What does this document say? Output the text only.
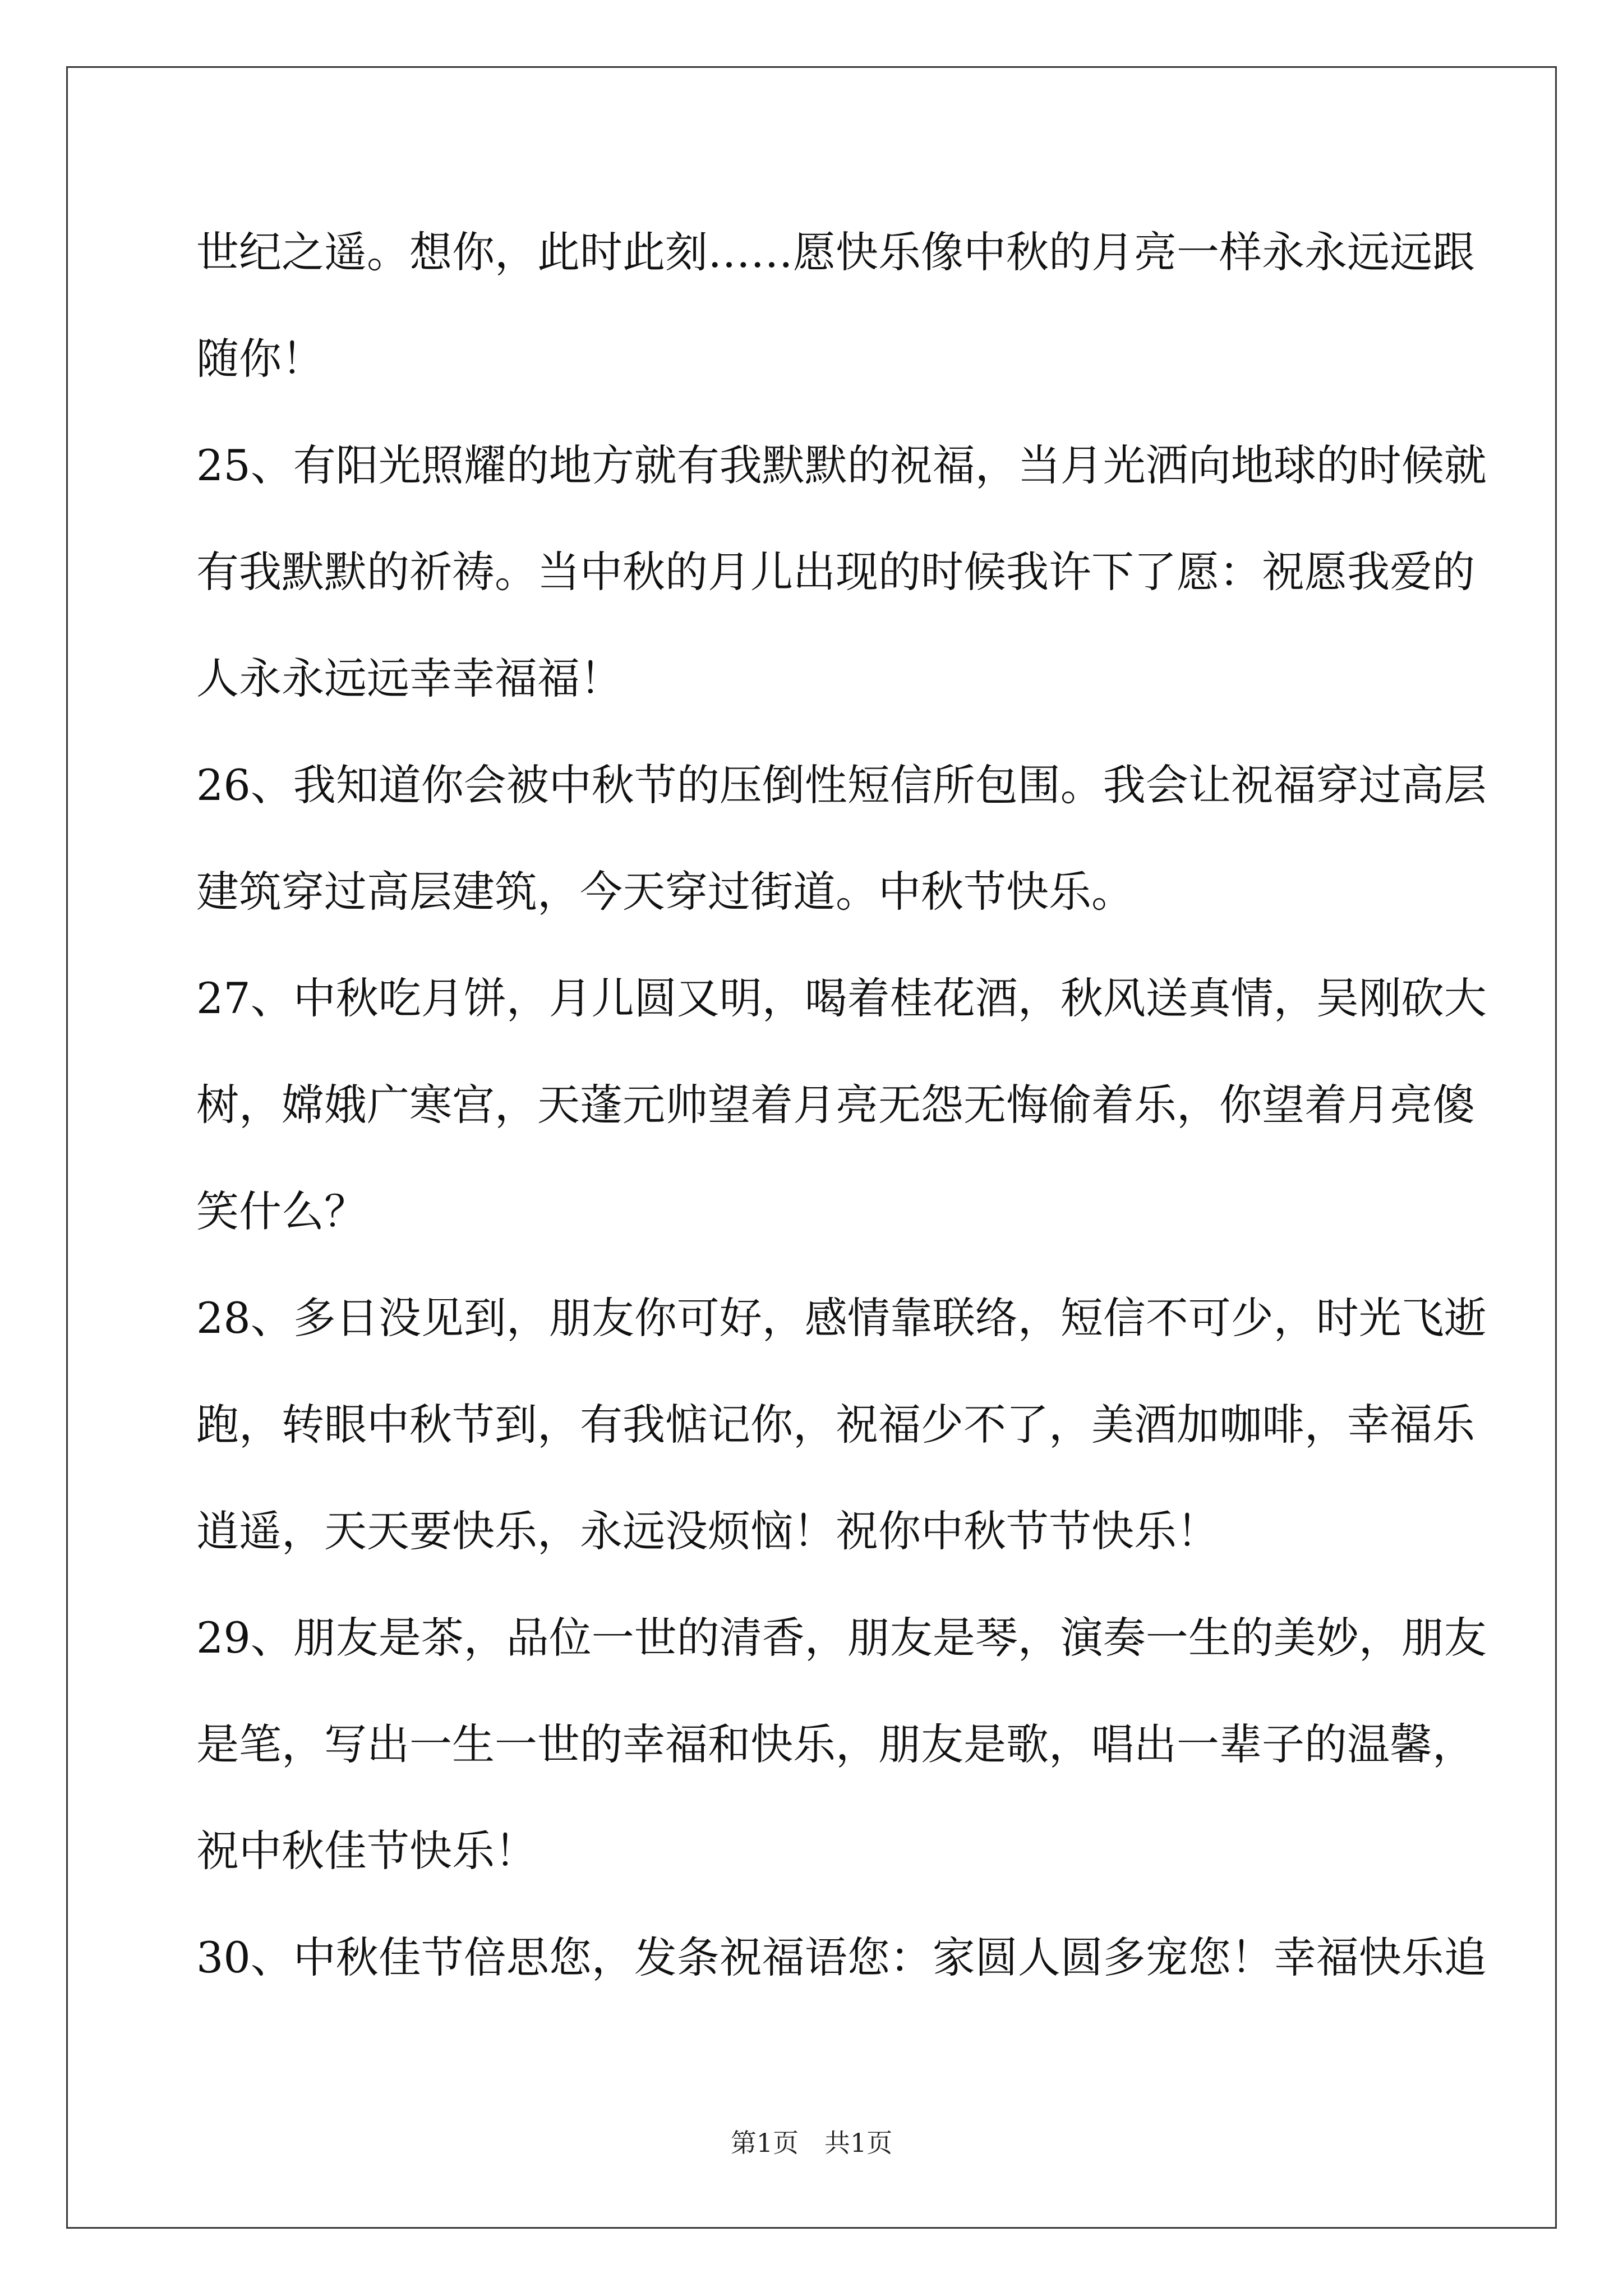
世纪之遥。想你，此时此刻……愿快乐像中秋的月亮一样永永远远跟
随你！
25、有阳光照耀的地方就有我默默的祝福，当月光洒向地球的时候就
有我默默的祈祷。当中秋的月儿出现的时候我许下了愿：祝愿我爱的
人永永远远幸幸福福！
26、我知道你会被中秋节的压倒性短信所包围。我会让祝福穿过高层
建筑穿过高层建筑，今天穿过街道。中秋节快乐。
27、中秋吃月饼，月儿圆又明，喝着桂花酒，秋风送真情，吴刚砍大
树，嫦娥广寒宫，天蓬元帅望着月亮无怨无悔偷着乐，你望着月亮傻
笑什么？
28、多日没见到，朋友你可好，感情靠联络，短信不可少，时光飞逝
跑，转眼中秋节到，有我惦记你，祝福少不了，美酒加咖啡，幸福乐
逍遥，天天要快乐，永远没烦恼！祝你中秋节节快乐！
29、朋友是茶，品位一世的清香，朋友是琴，演奏一生的美妙，朋友
是笔，写出一生一世的幸福和快乐，朋友是歌，唱出一辈子的温馨，
祝中秋佳节快乐！
30、中秋佳节倍思您，发条祝福语您：家圆人圆多宠您！幸福快乐追
第1页　共1页
